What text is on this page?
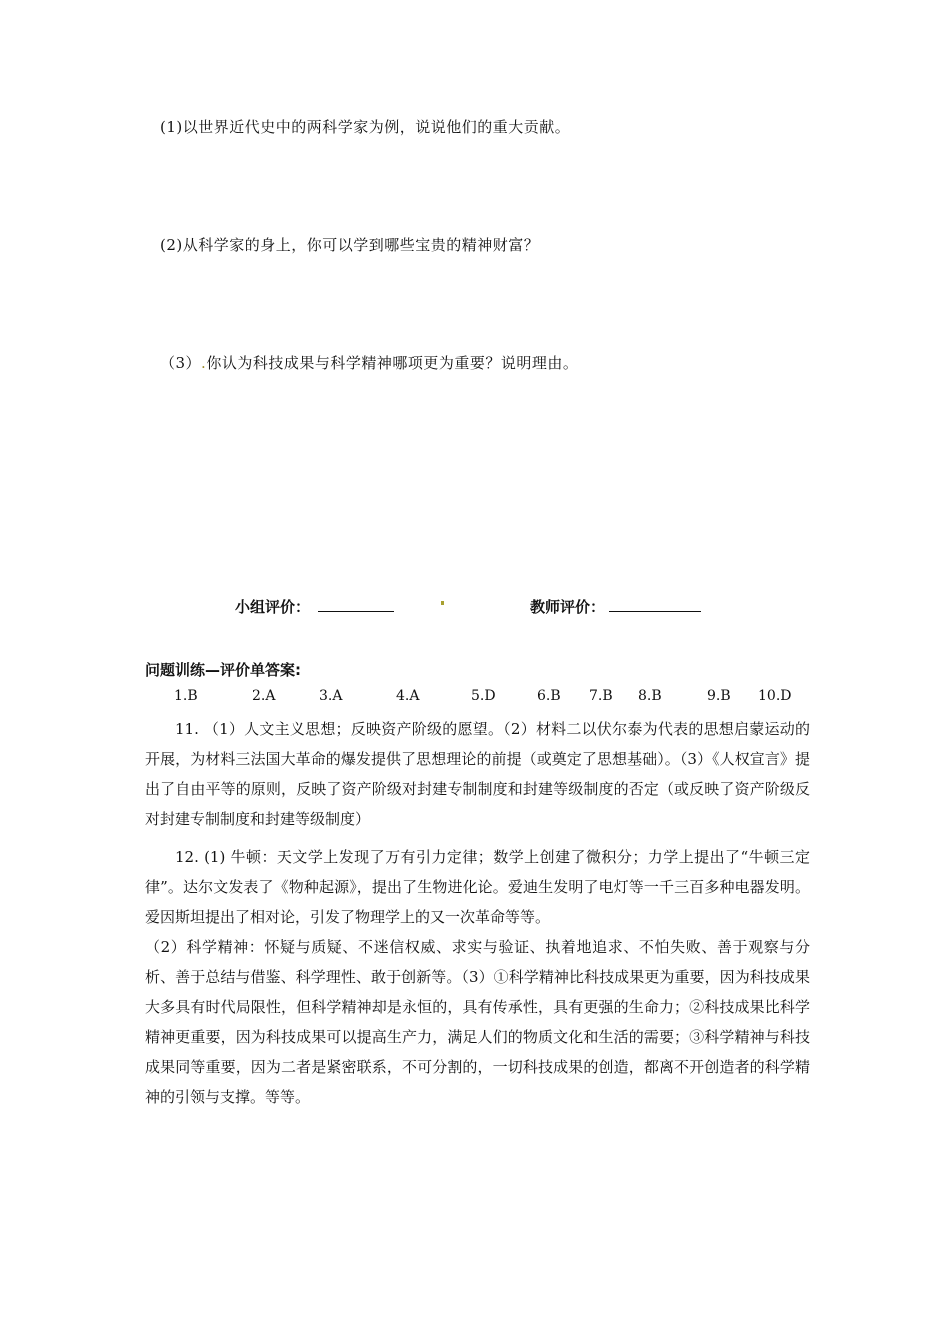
(1)以世界近代史中的两科学家为例，说说他们的重大贡献。
(2)从科学家的身上，你可以学到哪些宝贵的精神财富？
（3）.你认为科技成果与科学精神哪项更为重要？说明理由。
小组评价：	教师评价：
问题训练—评价单答案:
1.B	2.A	3.A	4.A	5.D	6.B 7.B 8.B	9.B 10.D

11. （1）人文主义思想；反映资产阶级的愿望。（2）材料二以伏尔泰为代表的思想启蒙运动的开展，为材料三法国大革命的爆发提供了思想理论的前提（或奠定了思想基础）。（3）《人权宣言》提出了自由平等的原则，反映了资产阶级对封建专制制度和封建等级制度的否定（或反映了资产阶级反对封建专制制度和封建等级制度）

12. (1) 牛顿：天文学上发现了万有引力定律；数学上创建了微积分；力学上提出了“牛顿三定律”。达尔文发表了《物种起源》，提出了生物进化论。爱迪生发明了电灯等一千三百多种电器发明。爱因斯坦提出了相对论，引发了物理学上的又一次革命等等。

（2）科学精神：怀疑与质疑、不迷信权威、求实与验证、执着地追求、不怕失败、善于观察与分析、善于总结与借鉴、科学理性、敢于创新等。（3）①科学精神比科技成果更为重要，因为科技成果大多具有时代局限性，但科学精神却是永恒的，具有传承性，具有更强的生命力；②科技成果比科学精神更重要，因为科技成果可以提高生产力，满足人们的物质文化和生活的需要；③科学精神与科技成果同等重要，因为二者是紧密联系，不可分割的，一切科技成果的创造，都离不开创造者的科学精神的引领与支撑。等等。
